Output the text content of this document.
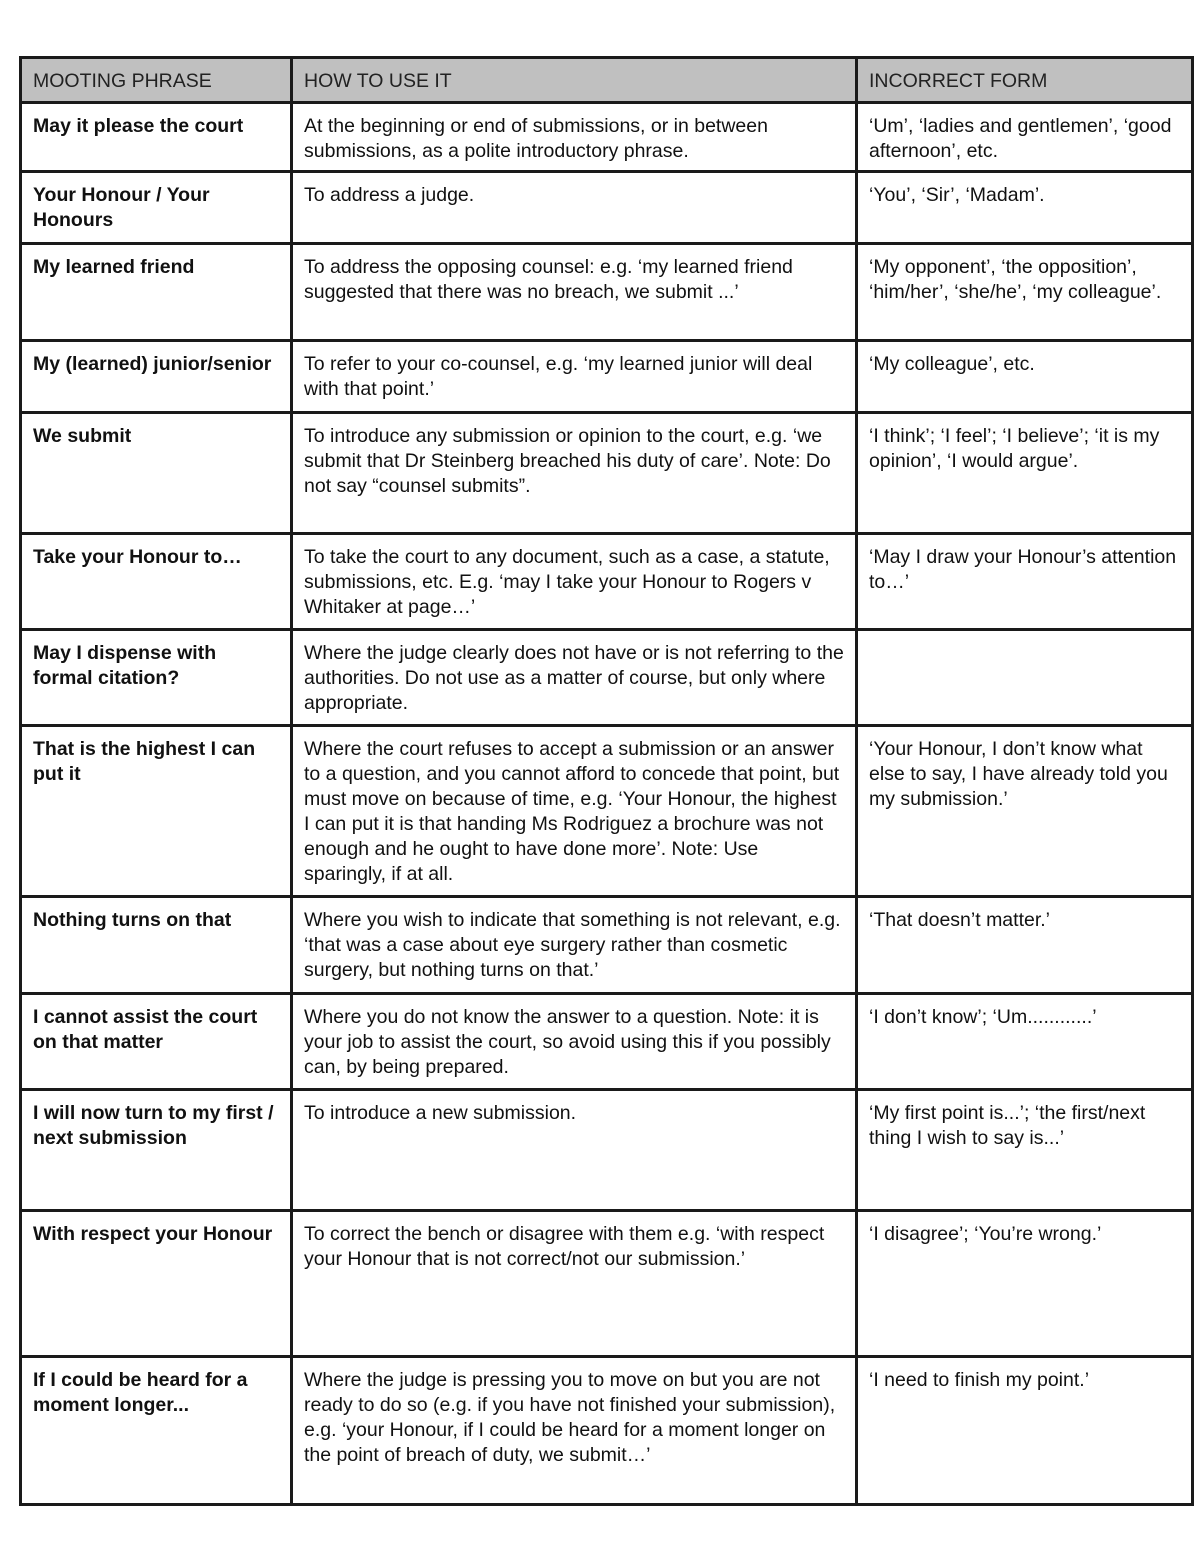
MOOTING PHRASE	HOW TO USE IT	INCORRECT FORM
May it please the court	At the beginning or end of submissions, or in between submissions, as a polite introductory phrase.	‘Um’, ‘ladies and gentlemen’, ‘good afternoon’, etc.
Your Honour / Your Honours	To address a judge.	‘You’, ‘Sir’, ‘Madam’.
My learned friend	To address the opposing counsel: e.g. ‘my learned friend suggested that there was no breach, we submit ...’	‘My opponent’, ‘the opposition’, ‘him/her’, ‘she/he’, ‘my colleague’.
My (learned) junior/senior	To refer to your co-counsel, e.g. ‘my learned junior will deal with that point.’	‘My colleague’, etc.
We submit	To introduce any submission or opinion to the court, e.g. ‘we submit that Dr Steinberg breached his duty of care’. Note: Do not say “counsel submits”.	‘I think’; ‘I feel’; ‘I believe’; ‘it is my opinion’, ‘I would argue’.
Take your Honour to…	To take the court to any document, such as a case, a statute, submissions, etc. E.g. ‘may I take your Honour to Rogers v Whitaker at page…’	‘May I draw your Honour’s attention to…’
May I dispense with formal citation?	Where the judge clearly does not have or is not referring to the authorities. Do not use as a matter of course, but only where appropriate.	
That is the highest I can put it	Where the court refuses to accept a submission or an answer to a question, and you cannot afford to concede that point, but must move on because of time, e.g. ‘Your Honour, the highest I can put it is that handing Ms Rodriguez a brochure was not enough and he ought to have done more’. Note: Use sparingly, if at all.	‘Your Honour, I don’t know what else to say, I have already told you my submission.’
Nothing turns on that	Where you wish to indicate that something is not relevant, e.g. ‘that was a case about eye surgery rather than cosmetic surgery, but nothing turns on that.’	‘That doesn’t matter.’
I cannot assist the court on that matter	Where you do not know the answer to a question. Note: it is your job to assist the court, so avoid using this if you possibly can, by being prepared.	‘I don’t know’; ‘Um............’
I will now turn to my first / next submission	To introduce a new submission.	‘My first point is...’; ‘the first/next thing I wish to say is...’
With respect your Honour	To correct the bench or disagree with them e.g. ‘with respect your Honour that is not correct/not our submission.’	‘I disagree’; ‘You’re wrong.’
If I could be heard for a moment longer...	Where the judge is pressing you to move on but you are not ready to do so (e.g. if you have not finished your submission), e.g. ‘your Honour, if I could be heard for a moment longer on the point of breach of duty, we submit…’	‘I need to finish my point.’
